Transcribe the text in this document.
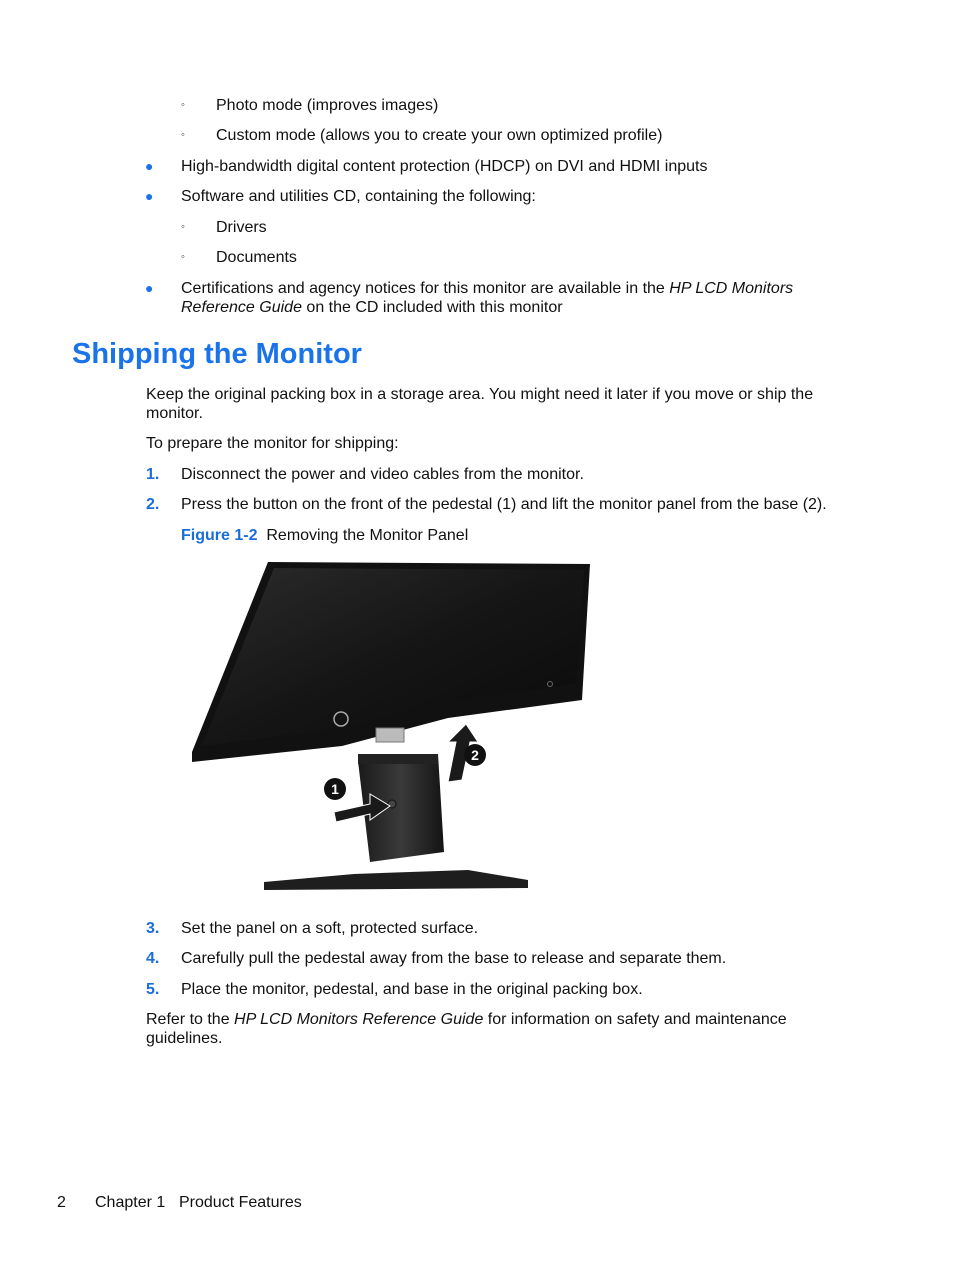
◦ Photo mode (improves images)
◦ Custom mode (allows you to create your own optimized profile)
● High-bandwidth digital content protection (HDCP) on DVI and HDMI inputs
● Software and utilities CD, containing the following:
◦ Drivers
◦ Documents
● Certifications and agency notices for this monitor are available in the HP LCD Monitors
Reference Guide on the CD included with this monitor
Shipping the Monitor
Keep the original packing box in a storage area. You might need it later if you move or ship the
monitor.
To prepare the monitor for shipping:
1. Disconnect the power and video cables from the monitor.
2. Press the button on the front of the pedestal (1) and lift the monitor panel from the base (2).
Figure 1-2 Removing the Monitor Panel
1
2
3. Set the panel on a soft, protected surface.
4. Carefully pull the pedestal away from the base to release and separate them.
5. Place the monitor, pedestal, and base in the original packing box.
Refer to the HP LCD Monitors Reference Guide for information on safety and maintenance
guidelines.
2 Chapter 1 Product Features
